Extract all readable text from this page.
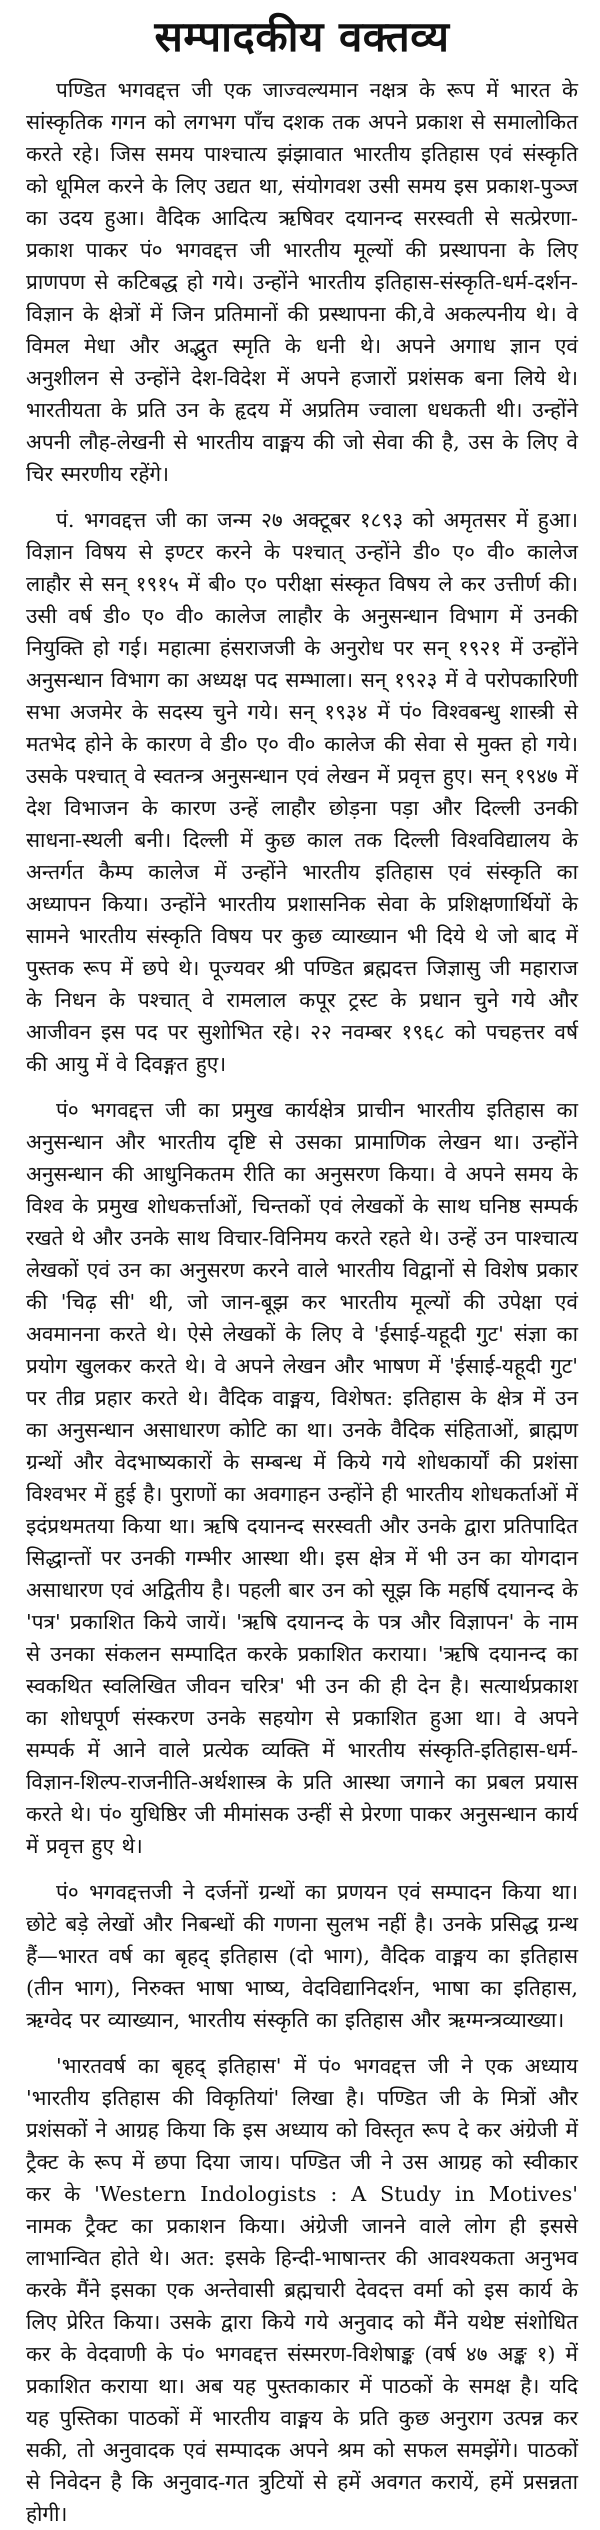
सम्पादकीय वक्तव्य

पण्डित भगवद्दत्त जी एक जाज्वल्यमान नक्षत्र के रूप में भारत के सांस्कृतिक गगन को लगभग पाँच दशक तक अपने प्रकाश से समालोकित करते रहे। जिस समय पाश्चात्य झंझावात भारतीय इतिहास एवं संस्कृति को धूमिल करने के लिए उद्यत था, संयोगवश उसी समय इस प्रकाश-पुञ्ज का उदय हुआ। वैदिक आदित्य ऋषिवर दयानन्द सरस्वती से सत्प्रेरणा-प्रकाश पाकर पं० भगवद्दत्त जी भारतीय मूल्यों की प्रस्थापना के लिए प्राणपण से कटिबद्ध हो गये। उन्होंने भारतीय इतिहास-संस्कृति-धर्म-दर्शन-विज्ञान के क्षेत्रों में जिन प्रतिमानों की प्रस्थापना की,वे अकल्पनीय थे। वे विमल मेधा और अद्भुत स्मृति के धनी थे। अपने अगाध ज्ञान एवं अनुशीलन से उन्होंने देश-विदेश में अपने हजारों प्रशंसक बना लिये थे। भारतीयता के प्रति उन के हृदय में अप्रतिम ज्वाला धधकती थी। उन्होंने अपनी लौह-लेखनी से भारतीय वाङ्मय की जो सेवा की है, उस के लिए वे चिर स्मरणीय रहेंगे।

पं. भगवद्दत्त जी का जन्म २७ अक्टूबर १८९३ को अमृतसर में हुआ। विज्ञान विषय से इण्टर करने के पश्चात् उन्होंने डी० ए० वी० कालेज लाहौर से सन् १९१५ में बी० ए० परीक्षा संस्कृत विषय ले कर उत्तीर्ण की। उसी वर्ष डी० ए० वी० कालेज लाहौर के अनुसन्धान विभाग में उनकी नियुक्ति हो गई। महात्मा हंसराजजी के अनुरोध पर सन् १९२१ में उन्होंने अनुसन्धान विभाग का अध्यक्ष पद सम्भाला। सन् १९२३ में वे परोपकारिणी सभा अजमेर के सदस्य चुने गये। सन् १९३४ में पं० विश्वबन्धु शास्त्री से मतभेद होने के कारण वे डी० ए० वी० कालेज की सेवा से मुक्त हो गये। उसके पश्चात् वे स्वतन्त्र अनुसन्धान एवं लेखन में प्रवृत्त हुए। सन् १९४७ में देश विभाजन के कारण उन्हें लाहौर छोड़ना पड़ा और दिल्ली उनकी साधना-स्थली बनी। दिल्ली में कुछ काल तक दिल्ली विश्वविद्यालय के अन्तर्गत कैम्प कालेज में उन्होंने भारतीय इतिहास एवं संस्कृति का अध्यापन किया। उन्होंने भारतीय प्रशासनिक सेवा के प्रशिक्षणार्थियों के सामने भारतीय संस्कृति विषय पर कुछ व्याख्यान भी दिये थे जो बाद में पुस्तक रूप में छपे थे। पूज्यवर श्री पण्डित ब्रह्मदत्त जिज्ञासु जी महाराज के निधन के पश्चात् वे रामलाल कपूर ट्रस्ट के प्रधान चुने गये और आजीवन इस पद पर सुशोभित रहे। २२ नवम्बर १९६८ को पचहत्तर वर्ष की आयु में वे दिवङ्गत हुए।

पं० भगवद्दत्त जी का प्रमुख कार्यक्षेत्र प्राचीन भारतीय इतिहास का अनुसन्धान और भारतीय दृष्टि से उसका प्रामाणिक लेखन था। उन्होंने अनुसन्धान की आधुनिकतम रीति का अनुसरण किया। वे अपने समय के विश्व के प्रमुख शोधकर्त्ताओं, चिन्तकों एवं लेखकों के साथ घनिष्ठ सम्पर्क रखते थे और उनके साथ विचार-विनिमय करते रहते थे। उन्हें उन पाश्चात्य लेखकों एवं उन का अनुसरण करने वाले भारतीय विद्वानों से विशेष प्रकार की 'चिढ़ सी' थी, जो जान-बूझ कर भारतीय मूल्यों की उपेक्षा एवं अवमानना करते थे। ऐसे लेखकों के लिए वे 'ईसाई-यहूदी गुट' संज्ञा का प्रयोग खुलकर करते थे। वे अपने लेखन और भाषण में 'ईसाई-यहूदी गुट' पर तीव्र प्रहार करते थे। वैदिक वाङ्मय, विशेषत: इतिहास के क्षेत्र में उन का अनुसन्धान असाधारण कोटि का था। उनके वैदिक संहिताओं, ब्राह्मण ग्रन्थों और वेदभाष्यकारों के सम्बन्ध में किये गये शोधकार्यों की प्रशंसा विश्वभर में हुई है। पुराणों का अवगाहन उन्होंने ही भारतीय शोधकर्ताओं में इदंप्रथमतया किया था। ऋषि दयानन्द सरस्वती और उनके द्वारा प्रतिपादित सिद्धान्तों पर उनकी गम्भीर आस्था थी। इस क्षेत्र में भी उन का योगदान असाधारण एवं अद्वितीय है। पहली बार उन को सूझ कि महर्षि दयानन्द के 'पत्र' प्रकाशित किये जायें। 'ऋषि दयानन्द के पत्र और विज्ञापन' के नाम से उनका संकलन सम्पादित करके प्रकाशित कराया। 'ऋषि दयानन्द का स्वकथित स्वलिखित जीवन चरित्र' भी उन की ही देन है। सत्यार्थप्रकाश का शोधपूर्ण संस्करण उनके सहयोग से प्रकाशित हुआ था। वे अपने सम्पर्क में आने वाले प्रत्येक व्यक्ति में भारतीय संस्कृति-इतिहास-धर्म-विज्ञान-शिल्प-राजनीति-अर्थशास्त्र के प्रति आस्था जगाने का प्रबल प्रयास करते थे। पं० युधिष्ठिर जी मीमांसक उन्हीं से प्रेरणा पाकर अनुसन्धान कार्य में प्रवृत्त हुए थे।

पं० भगवद्दत्तजी ने दर्जनों ग्रन्थों का प्रणयन एवं सम्पादन किया था। छोटे बड़े लेखों और निबन्धों की गणना सुलभ नहीं है। उनके प्रसिद्ध ग्रन्थ हैं—भारत वर्ष का बृहद् इतिहास (दो भाग), वैदिक वाङ्मय का इतिहास (तीन भाग), निरुक्त भाषा भाष्य, वेदविद्यानिदर्शन, भाषा का इतिहास, ऋग्वेद पर व्याख्यान, भारतीय संस्कृति का इतिहास और ऋग्मन्त्रव्याख्या।

'भारतवर्ष का बृहद् इतिहास' में पं० भगवद्दत्त जी ने एक अध्याय 'भारतीय इतिहास की विकृतियां' लिखा है। पण्डित जी के मित्रों और प्रशंसकों ने आग्रह किया कि इस अध्याय को विस्तृत रूप दे कर अंग्रेजी में ट्रैक्ट के रूप में छपा दिया जाय। पण्डित जी ने उस आग्रह को स्वीकार कर के 'Western Indologists : A Study in Motives' नामक ट्रैक्ट का प्रकाशन किया। अंग्रेजी जानने वाले लोग ही इससे लाभान्वित होते थे। अत: इसके हिन्दी-भाषान्तर की आवश्यकता अनुभव करके मैंने इसका एक अन्तेवासी ब्रह्मचारी देवदत्त वर्मा को इस कार्य के लिए प्रेरित किया। उसके द्वारा किये गये अनुवाद को मैंने यथेष्ट संशोधित कर के वेदवाणी के पं० भगवद्दत्त संस्मरण-विशेषाङ्क (वर्ष ४७ अङ्क १) में प्रकाशित कराया था। अब यह पुस्तकाकार में पाठकों के समक्ष है। यदि यह पुस्तिका पाठकों में भारतीय वाङ्मय के प्रति कुछ अनुराग उत्पन्न कर सकी, तो अनुवादक एवं सम्पादक अपने श्रम को सफल समझेंगे। पाठकों से निवेदन है कि अनुवाद-गत त्रुटियों से हमें अवगत करायें, हमें प्रसन्नता होगी।
